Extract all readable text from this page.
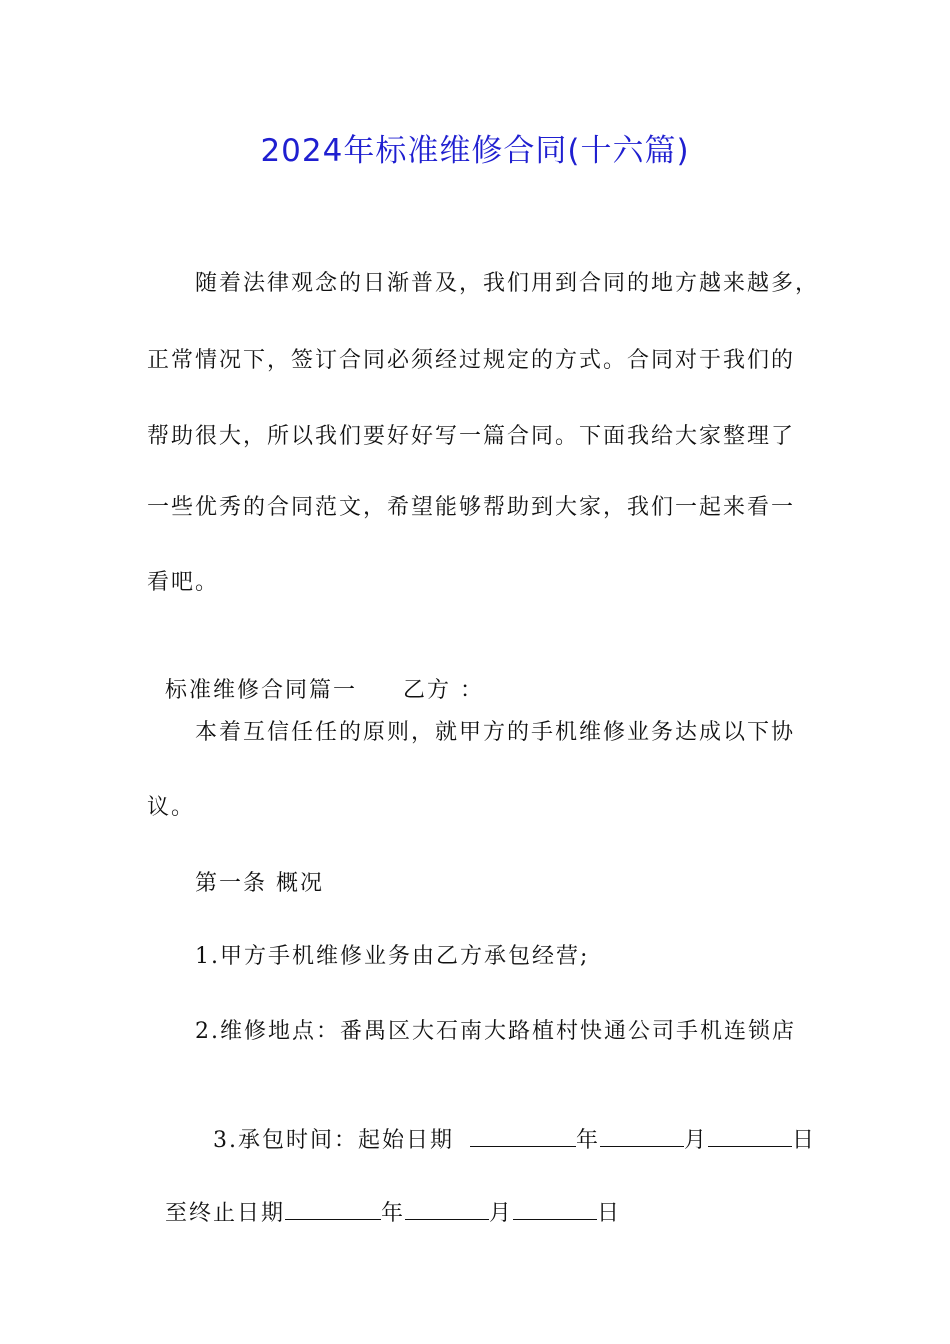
2024年标准维修合同(十六篇)
随着法律观念的日渐普及，我们用到合同的地方越来越多，
正常情况下，签订合同必须经过规定的方式。合同对于我们的
帮助很大，所以我们要好好写一篇合同。下面我给大家整理了
一些优秀的合同范文，希望能够帮助到大家，我们一起来看一
看吧。

标准维修合同篇一 乙方 ：

本着互信任任的原则，就甲方的手机维修业务达成以下协
议。
第一条 概况
1.甲方手机维修业务由乙方承包经营;
2.维修地点：番禺区大石南大路植村快通公司手机连锁店

3.承包时间：起始日期	年	月	日

至终止日期	年	月	日
